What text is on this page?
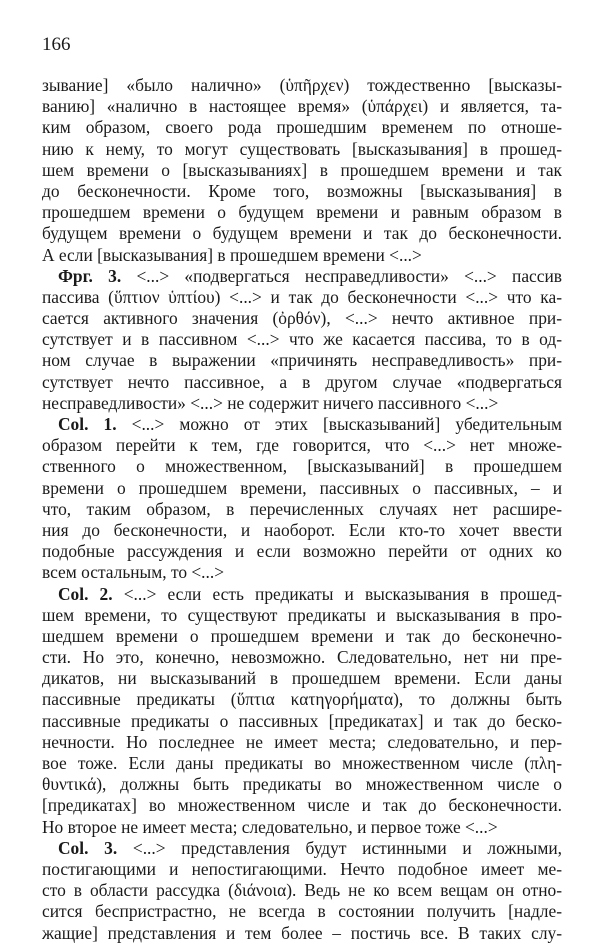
166
зывание] «было налично» (ὑπῆρχεν) тождественно [высказы-
ванию] «налично в настоящее время» (ὑπάρχει) и является, та-
ким образом, своего рода прошедшим временем по отноше-
нию к нему, то могут существовать [высказывания] в прошед-
шем времени о [высказываниях] в прошедшем времени и так
до бесконечности. Кроме того, возможны [высказывания] в
прошедшем времени о будущем времени и равным образом в
будущем времени о будущем времени и так до бесконечности.
А если [высказывания] в прошедшем времени <...>
Фрг. 3. <...> «подвергаться несправедливости» <...> пассив
пассива (ὕπτιον ὑπτίου) <...> и так до бесконечности <...> что ка-
сается активного значения (ὀρθόν), <...> нечто активное при-
сутствует и в пассивном <...> что же касается пассива, то в од-
ном случае в выражении «причинять несправедливость» при-
сутствует нечто пассивное, а в другом случае «подвергаться
несправедливости» <...> не содержит ничего пассивного <...>
Col. 1. <...> можно от этих [высказываний] убедительным
образом перейти к тем, где говорится, что <...> нет множе-
ственного о множественном, [высказываний] в прошедшем
времени о прошедшем времени, пассивных о пассивных, – и
что, таким образом, в перечисленных случаях нет расшире-
ния до бесконечности, и наоборот. Если кто-то хочет ввести
подобные рассуждения и если возможно перейти от одних ко
всем остальным, то <...>
Col. 2. <...> если есть предикаты и высказывания в прошед-
шем времени, то существуют предикаты и высказывания в про-
шедшем времени о прошедшем времени и так до бесконечно-
сти. Но это, конечно, невозможно. Следовательно, нет ни пре-
дикатов, ни высказываний в прошедшем времени. Если даны
пассивные предикаты (ὕπτια κατηγορήματα), то должны быть
пассивные предикаты о пассивных [предикатах] и так до беско-
нечности. Но последнее не имеет места; следовательно, и пер-
вое тоже. Если даны предикаты во множественном числе (πλη-
θυντικά), должны быть предикаты во множественном числе о
[предикатах] во множественном числе и так до бесконечности.
Но второе не имеет места; следовательно, и первое тоже <...>
Col. 3. <...> представления будут истинными и ложными,
постигающими и непостигающими. Нечто подобное имеет ме-
сто в области рассудка (διάνοια). Ведь не ко всем вещам он отно-
сится беспристрастно, не всегда в состоянии получить [надле-
жащие] представления и тем более – постичь все. В таких слу-
